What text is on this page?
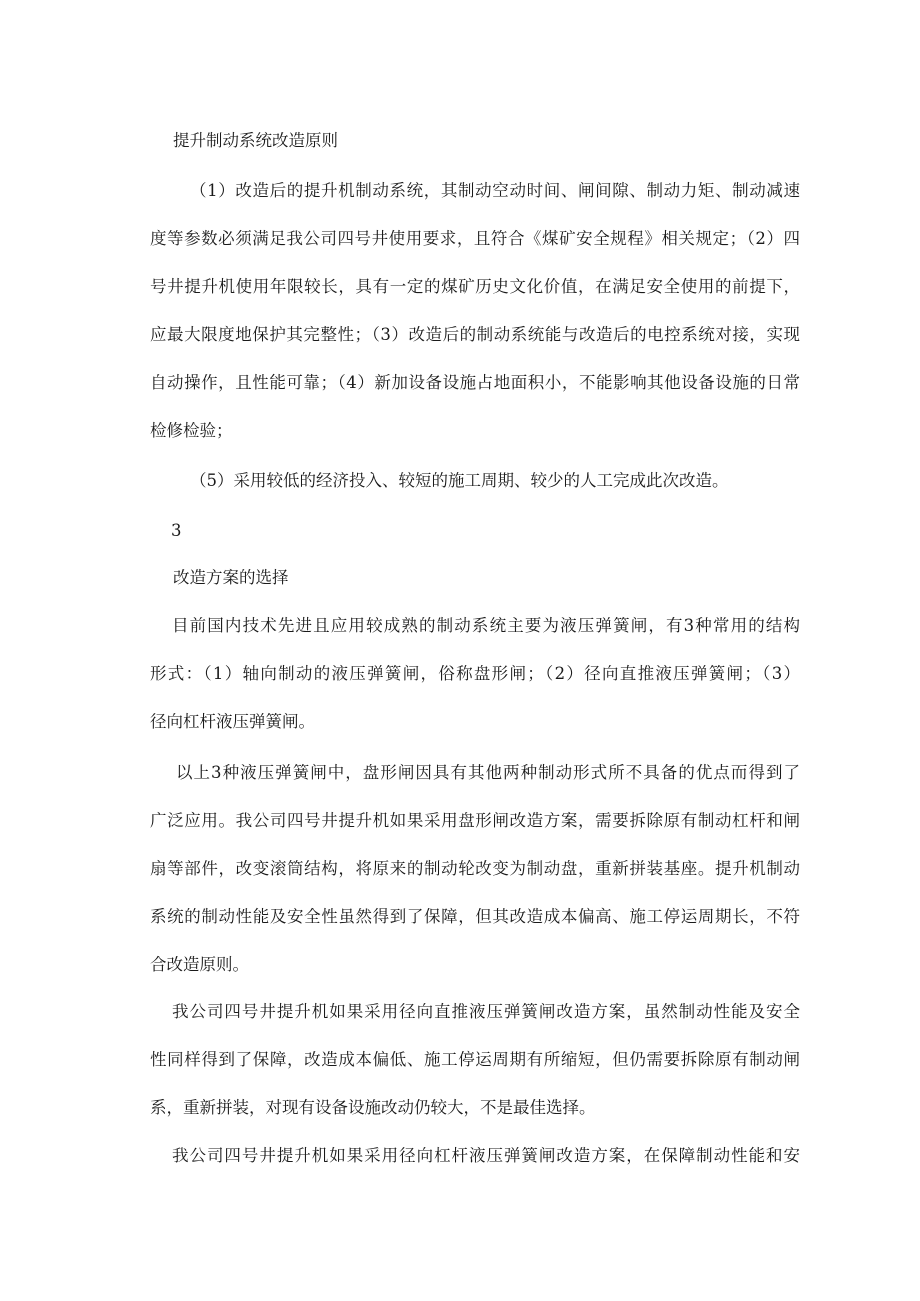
提升制动系统改造原则
（1）改造后的提升机制动系统，其制动空动时间、闸间隙、制动力矩、制动减速
度等参数必须满足我公司四号井使用要求，且符合《煤矿安全规程》相关规定；（2）四
号井提升机使用年限较长，具有一定的煤矿历史文化价值，在满足安全使用的前提下，
应最大限度地保护其完整性；（3）改造后的制动系统能与改造后的电控系统对接，实现
自动操作，且性能可靠；（4）新加设备设施占地面积小，不能影响其他设备设施的日常
检修检验；
（5）采用较低的经济投入、较短的施工周期、较少的人工完成此次改造。
3
改造方案的选择
目前国内技术先进且应用较成熟的制动系统主要为液压弹簧闸，有3种常用的结构
形式：（1）轴向制动的液压弹簧闸，俗称盘形闸；（2）径向直推液压弹簧闸；（3）
径向杠杆液压弹簧闸。
以上3种液压弹簧闸中，盘形闸因具有其他两种制动形式所不具备的优点而得到了
广泛应用。我公司四号井提升机如果采用盘形闸改造方案，需要拆除原有制动杠杆和闸
扇等部件，改变滚筒结构，将原来的制动轮改变为制动盘，重新拼装基座。提升机制动
系统的制动性能及安全性虽然得到了保障，但其改造成本偏高、施工停运周期长，不符
合改造原则。
我公司四号井提升机如果采用径向直推液压弹簧闸改造方案，虽然制动性能及安全
性同样得到了保障，改造成本偏低、施工停运周期有所缩短，但仍需要拆除原有制动闸
系，重新拼装，对现有设备设施改动仍较大，不是最佳选择。
我公司四号井提升机如果采用径向杠杆液压弹簧闸改造方案，在保障制动性能和安
